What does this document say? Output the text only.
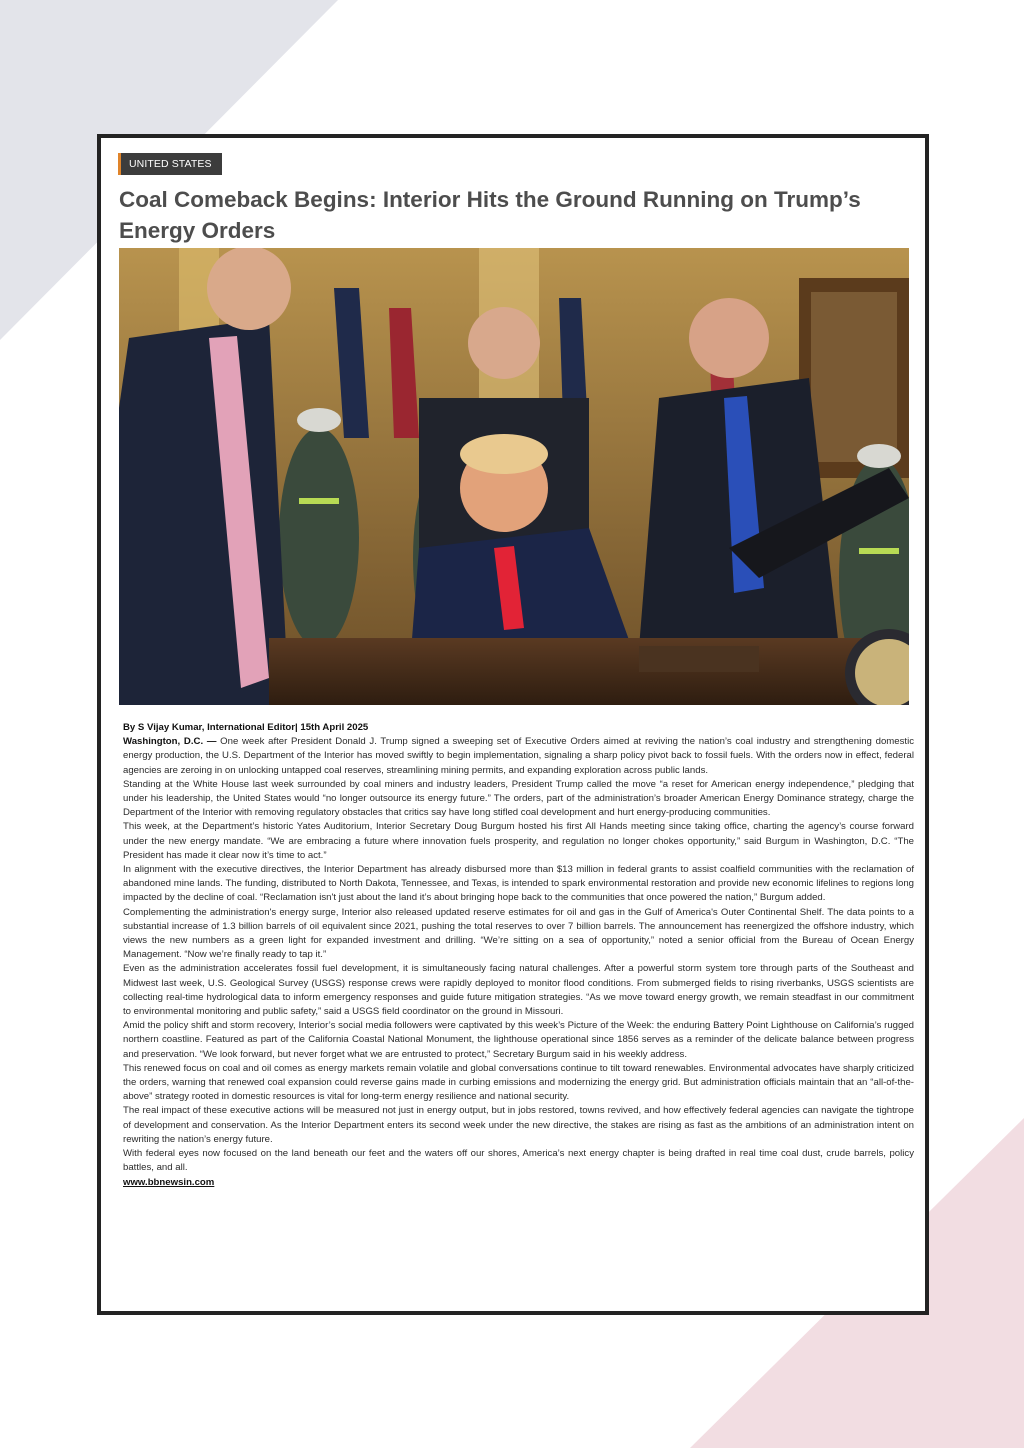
UNITED STATES
Coal Comeback Begins: Interior Hits the Ground Running on Trump’s Energy Orders
By S Vijay Kumar, International Editor| 15th April 2025

Washington, D.C. — One week after President Donald J. Trump signed a sweeping set of Executive Orders aimed at reviving the nation’s coal industry and strengthening domestic energy production, the U.S. Department of the Interior has moved swiftly to begin implementation, signaling a sharp policy pivot back to fossil fuels. With the orders now in effect, federal agencies are zeroing in on unlocking untapped coal reserves, streamlining mining permits, and expanding exploration across public lands.

Standing at the White House last week surrounded by coal miners and industry leaders, President Trump called the move “a reset for American energy independence,” pledging that under his leadership, the United States would “no longer outsource its energy future.” The orders, part of the administration’s broader American Energy Dominance strategy, charge the Department of the Interior with removing regulatory obstacles that critics say have long stifled coal development and hurt energy-producing communities.

This week, at the Department’s historic Yates Auditorium, Interior Secretary Doug Burgum hosted his first All Hands meeting since taking office, charting the agency’s course forward under the new energy mandate. “We are embracing a future where innovation fuels prosperity, and regulation no longer chokes opportunity,” said Burgum in Washington, D.C. “The President has made it clear now it’s time to act.”

In alignment with the executive directives, the Interior Department has already disbursed more than $13 million in federal grants to assist coalfield communities with the reclamation of abandoned mine lands. The funding, distributed to North Dakota, Tennessee, and Texas, is intended to spark environmental restoration and provide new economic lifelines to regions long impacted by the decline of coal. “Reclamation isn't just about the land it’s about bringing hope back to the communities that once powered the nation,” Burgum added.

Complementing the administration's energy surge, Interior also released updated reserve estimates for oil and gas in the Gulf of America's Outer Continental Shelf. The data points to a substantial increase of 1.3 billion barrels of oil equivalent since 2021, pushing the total reserves to over 7 billion barrels. The announcement has reenergized the offshore industry, which views the new numbers as a green light for expanded investment and drilling. “We’re sitting on a sea of opportunity,” noted a senior official from the Bureau of Ocean Energy Management. “Now we’re finally ready to tap it.”

Even as the administration accelerates fossil fuel development, it is simultaneously facing natural challenges. After a powerful storm system tore through parts of the Southeast and Midwest last week, U.S. Geological Survey (USGS) response crews were rapidly deployed to monitor flood conditions. From submerged fields to rising riverbanks, USGS scientists are collecting real-time hydrological data to inform emergency responses and guide future mitigation strategies. “As we move toward energy growth, we remain steadfast in our commitment to environmental monitoring and public safety,” said a USGS field coordinator on the ground in Missouri.

Amid the policy shift and storm recovery, Interior’s social media followers were captivated by this week’s Picture of the Week: the enduring Battery Point Lighthouse on California’s rugged northern coastline. Featured as part of the California Coastal National Monument, the lighthouse operational since 1856 serves as a reminder of the delicate balance between progress and preservation. “We look forward, but never forget what we are entrusted to protect,” Secretary Burgum said in his weekly address.

This renewed focus on coal and oil comes as energy markets remain volatile and global conversations continue to tilt toward renewables. Environmental advocates have sharply criticized the orders, warning that renewed coal expansion could reverse gains made in curbing emissions and modernizing the energy grid. But administration officials maintain that an “all-of-the-above” strategy rooted in domestic resources is vital for long-term energy resilience and national security.

The real impact of these executive actions will be measured not just in energy output, but in jobs restored, towns revived, and how effectively federal agencies can navigate the tightrope of development and conservation. As the Interior Department enters its second week under the new directive, the stakes are rising as fast as the ambitions of an administration intent on rewriting the nation’s energy future.

With federal eyes now focused on the land beneath our feet and the waters off our shores, America’s next energy chapter is being drafted in real time coal dust, crude barrels, policy battles, and all.

www.bbnewsin.com
